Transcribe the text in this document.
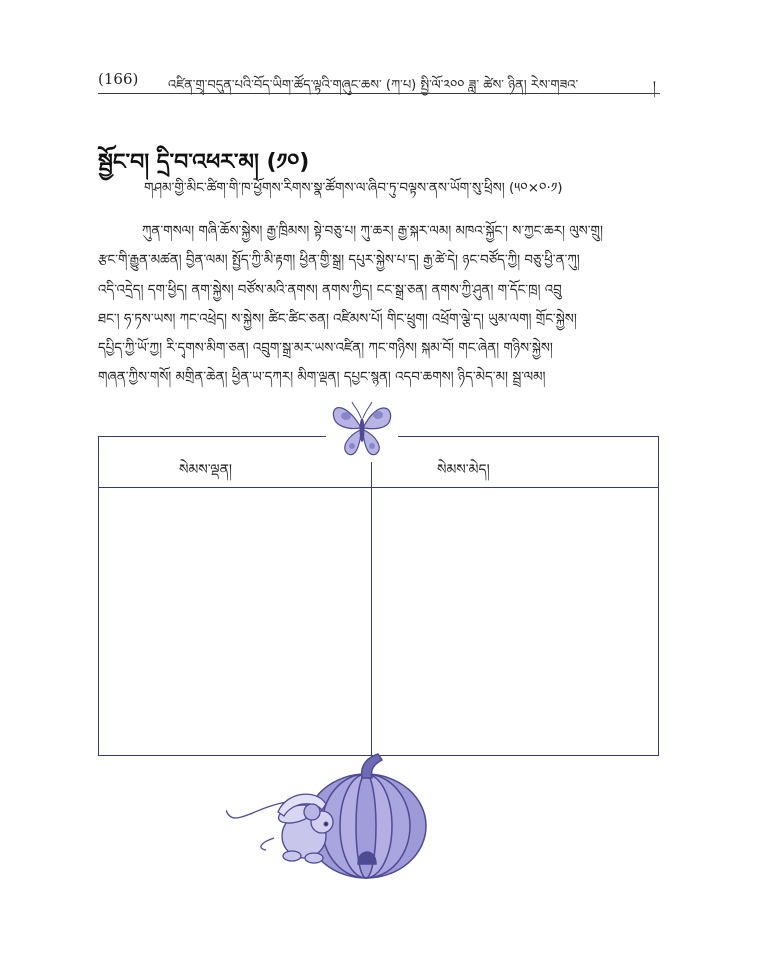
(166) འཛིན་གྲྭ་བདུན་པའི་བོད་ཡིག་ཚོད་ལྟའི་གཞུང་ཆས་ (ཀ་པ) སྤྱི་ལོ་༢༠༠ ཟླ་ ཚེས་ ཉིན། རེས་གཟའ་	།
སྦྱོང་བ། དྲི་བ་འཕར་མ། (༡༠)
གཤམ་གྱི་མིང་ཚིག་གི་ཁ་ཕྱོགས་རིགས་སྣ་ཚོགས་ལ་ཞིབ་ཏུ་བལྟས་ནས་ཡོག་སུ་ཕྲིས། (༥༠×༠·༡)
ཀུན་གསལ། གཞི་ཆོས་སྐྱེས། རྒྱ་ཁྲིམས། སྟེ་བཅུ་པ། ཀུ་ཆར། རྒྱ་སྐར་ལམ། མཁའ་སྐྱོང་། ས་ཀྱང་ཆར། ལུས་གྲུ།
རྩང་གི་རྒྱུན་མཚན། བྱིན་ལམ། སྤྱོད་ཀྱི་མི་རྟག། ཕྱིན་གྱི་སྒྲ། དཔུར་སྐྱེས་པ་ད། རྒྱ་ཚེ་དེ། ཉང་བཙོད་ཀྱི། བཅུ་ཕྱི་ན་ཀུ།
འདི་འདྲེད། དག་ཕྱིད། ནག་སྐྱེས། བཙོས་མའི་ནགས། ནགས་ཀྱིད། ངང་སྒྲ་ཅན། ནགས་ཀྱི་ཤུན། ག་དོང་ཁྲ། འབྲུ
ཐང་། ཧ་ཏས་ཡས། ཀང་འཕྲེད། ས་སྐྱེས། ཚིང་ཚིང་ཅན། འཛིམས་པོ། གིང་ཕྲུག། འཕྲོག་ལྕེ་ད། ཡུམ་ལག། གྲོང་སྐྱེས།
དཔྱིད་ཀྱི་ཡོ་ཀྱ། རི་དྭགས་མིག་ཅན། འབྲུག་སྒྲ་མར་ཡས་འཛིན། ཀང་གཉིས། སྐམ་བོ། གང་ཞེན། གཉིས་སྐྱེས།
གཞན་ཀྱིས་གསོ། མགྲིན་ཆེན། ཕྱིན་ཡ་དཀར། མིག་ལྡན། དཔྱང་སྙན། འདབ་ཆགས། ཉིད་མེད་མ། སྦྲ་ལམ།
སེམས་ལྡན།	སེམས་མེད།
